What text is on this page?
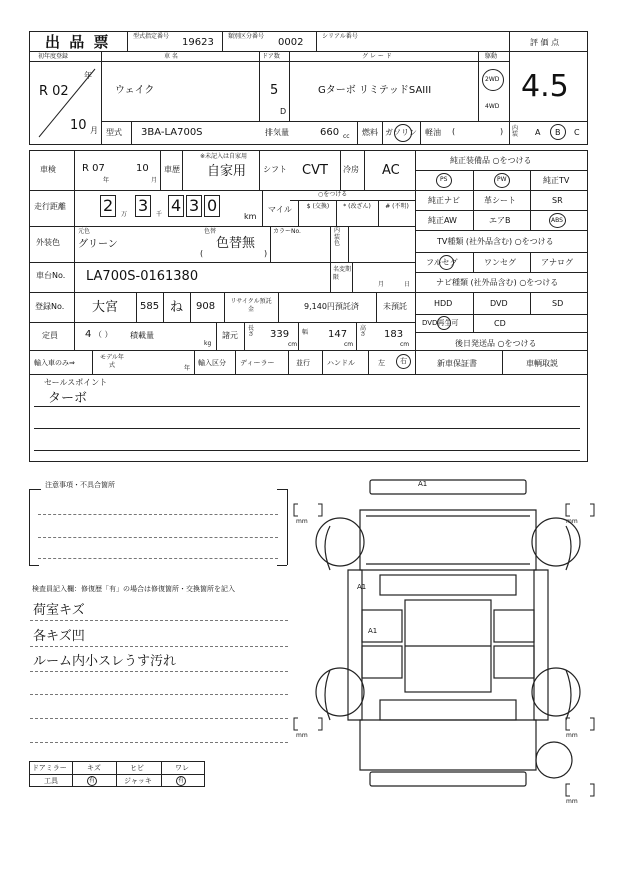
出 品 票	型式指定番号
19623
類別区分番号
0002
シリアル番号
評 価 点
4.5
初年度登録
R 02
年
10 月
車 名
ウェイク
ドア数
5
D
グ レ ー ド
Gターボ リミテッドSAIII
駆動
2WD
4WD
型式 3BA-LA700S	排気量	660 cc 燃料 ガソリン 軽油 (	) 内装 A B C
車検	R 07
年
10
月
車歴
※未記入は自家用
自家用 シフト CVT 冷房 AC
走行距離 2 万 3 千 4 3 0
km
○をつける
マイル	$ (交換)	* (改ざん)	# (不明)
外装色
元色
グリーン
色替
色替無
(	)
カラーNo.	内装色
車台No. LA700S-0161380	名変期限
月	日
登録No. 大宮 585 ね 908	リサイクル預託金	9,140円預託済	未預託
定員	4 （ ） 積載量
kg
諸元
長さ 339
cm
幅 147
cm
高さ 183
cm
輸入車のみ⇒
モデル年式	年
輸入区分 ディーラー	並行 ハンドル	左 右
セールスポイント
ターボ
純正装備品 ○をつける
PS	PW	純正TV
純正ナビ	革シート	SR
純正AW	エアB	ABS
TV種類 (社外品含む) ○をつける
フルセグ	ワンセグ	アナログ
ナビ種類 (社外品含む) ○をつける
HDD	DVD	SD
DVD再生可	CD
後日発送品 ○をつける
新車保証書	車輌取説
注意事項・不具合箇所
検査員記入欄：修復歴「有」の場合は修復箇所・交換箇所を記入
荷室キズ
各キズ凹
ルーム内小スレうす汚れ
ドアミラー	キズ	ヒビ	ワレ
工具	有	ジャッキ	有
A1
A1
A1
mm	mm
mm	mm
mm
